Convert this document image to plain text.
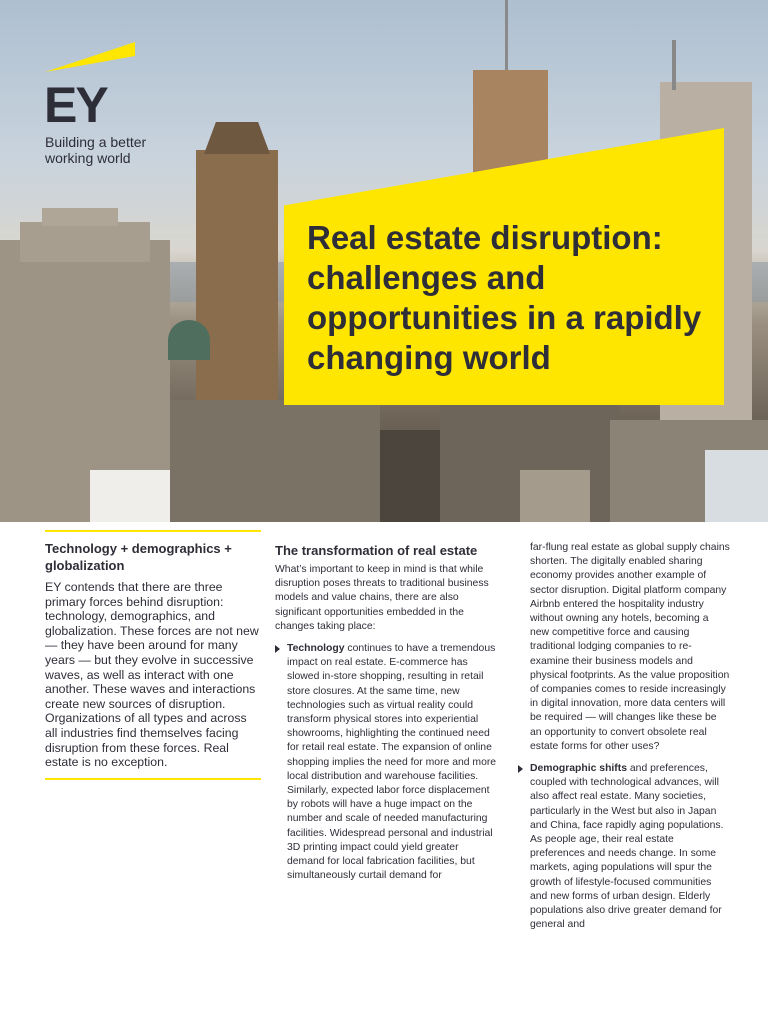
EY
Building a better working world
Real estate disruption: challenges and opportunities in a rapidly changing world
Technology + demographics + globalization

EY contends that there are three primary forces behind disruption: technology, demographics, and globalization. These forces are not new — they have been around for many years — but they evolve in successive waves, as well as interact with one another. These waves and interactions create new sources of disruption. Organizations of all types and across all industries find themselves facing disruption from these forces. Real estate is no exception.

The transformation of real estate

What’s important to keep in mind is that while disruption poses threats to traditional business models and value chains, there are also significant opportunities embedded in the changes taking place:

Technology continues to have a tremendous impact on real estate. E-commerce has slowed in-store shopping, resulting in retail store closures. At the same time, new technologies such as virtual reality could transform physical stores into experiential showrooms, highlighting the continued need for retail real estate. The expansion of online shopping implies the need for more and more local distribution and warehouse facilities. Similarly, expected labor force displacement by robots will have a huge impact on the number and scale of needed manufacturing facilities. Widespread personal and industrial 3D printing impact could yield greater demand for local fabrication facilities, but simultaneously curtail demand for

far-flung real estate as global supply chains shorten. The digitally enabled sharing economy provides another example of sector disruption. Digital platform company Airbnb entered the hospitality industry without owning any hotels, becoming a new competitive force and causing traditional lodging companies to re-examine their business models and physical footprints. As the value proposition of companies comes to reside increasingly in digital innovation, more data centers will be required — will changes like these be an opportunity to convert obsolete real estate forms for other uses?

Demographic shifts and preferences, coupled with technological advances, will also affect real estate. Many societies, particularly in the West but also in Japan and China, face rapidly aging populations. As people age, their real estate preferences and needs change. In some markets, aging populations will spur the growth of lifestyle-focused communities and new forms of urban design. Elderly populations also drive greater demand for general and
